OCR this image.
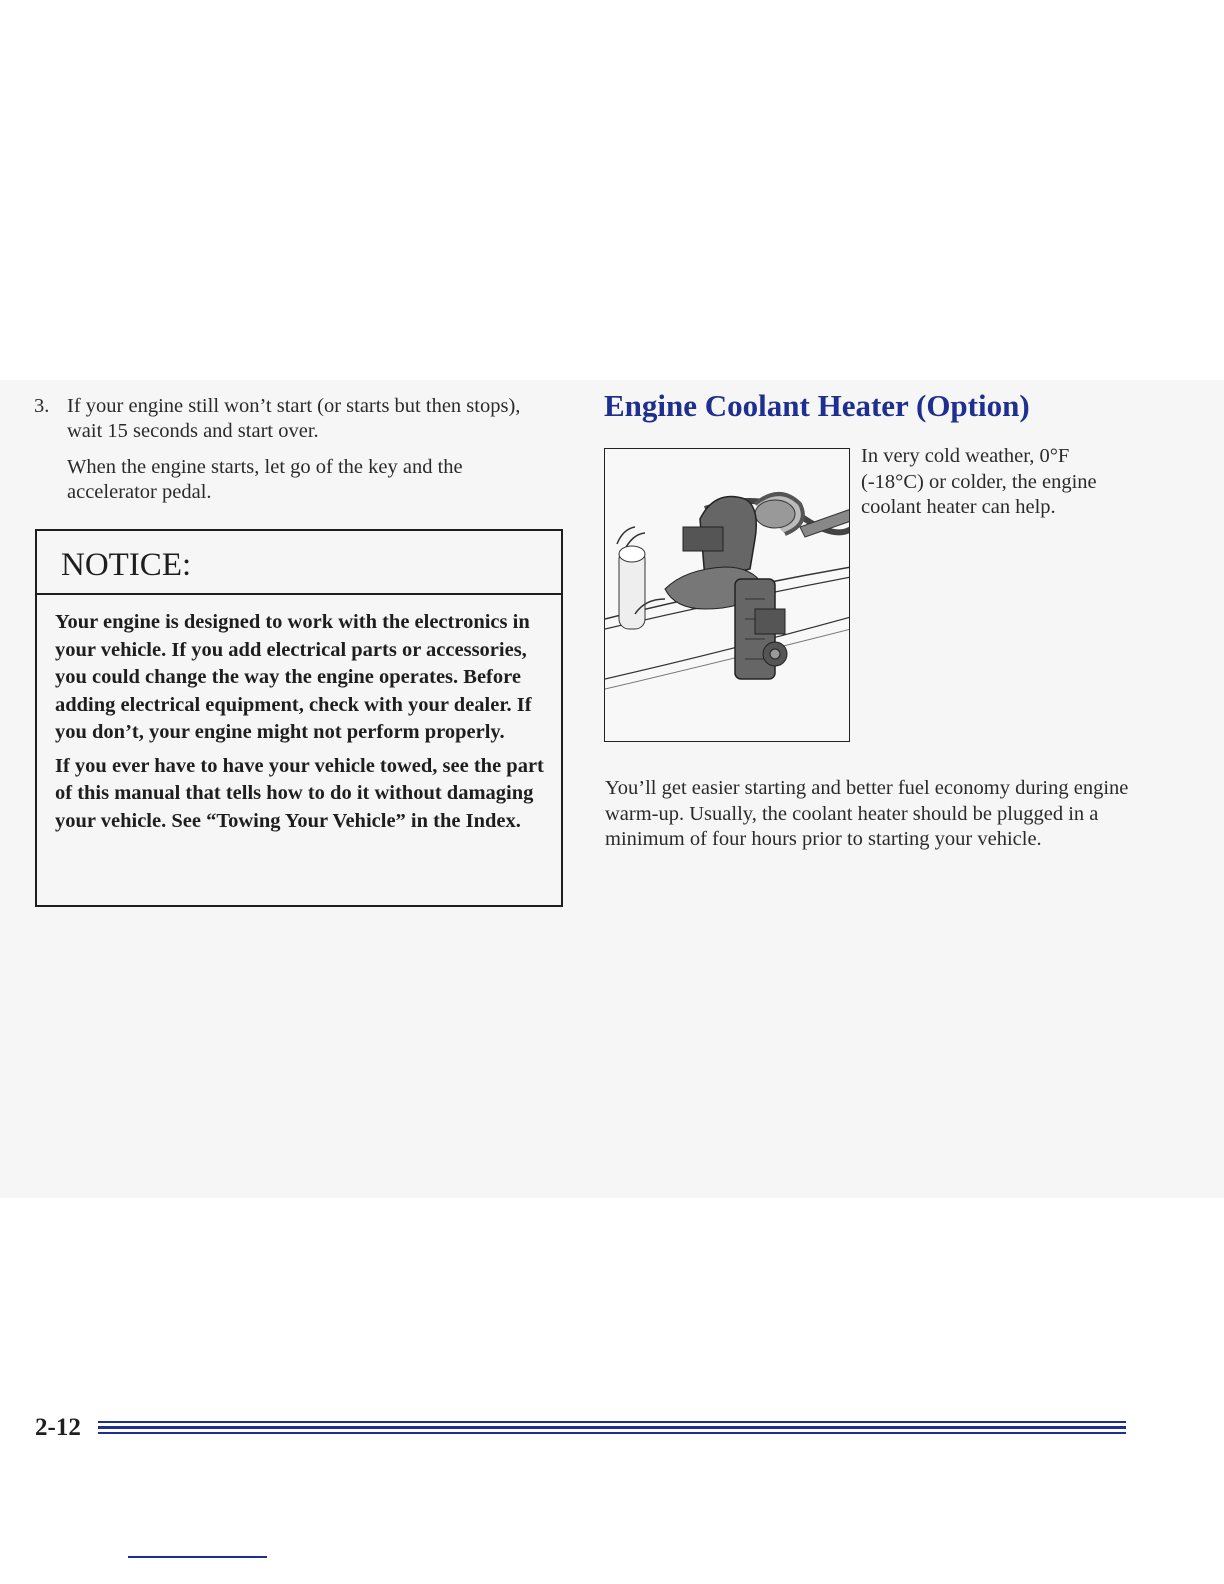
3. If your engine still won’t start (or starts but then stops), wait 15 seconds and start over.
When the engine starts, let go of the key and the accelerator pedal.
NOTICE:

Your engine is designed to work with the electronics in your vehicle. If you add electrical parts or accessories, you could change the way the engine operates. Before adding electrical equipment, check with your dealer. If you don’t, your engine might not perform properly.

If you ever have to have your vehicle towed, see the part of this manual that tells how to do it without damaging your vehicle. See “Towing Your Vehicle” in the Index.

Engine Coolant Heater (Option)
In very cold weather, 0°F (-18°C) or colder, the engine coolant heater can help.
You’ll get easier starting and better fuel economy during engine warm-up. Usually, the coolant heater should be plugged in a minimum of four hours prior to starting your vehicle.
2-12
